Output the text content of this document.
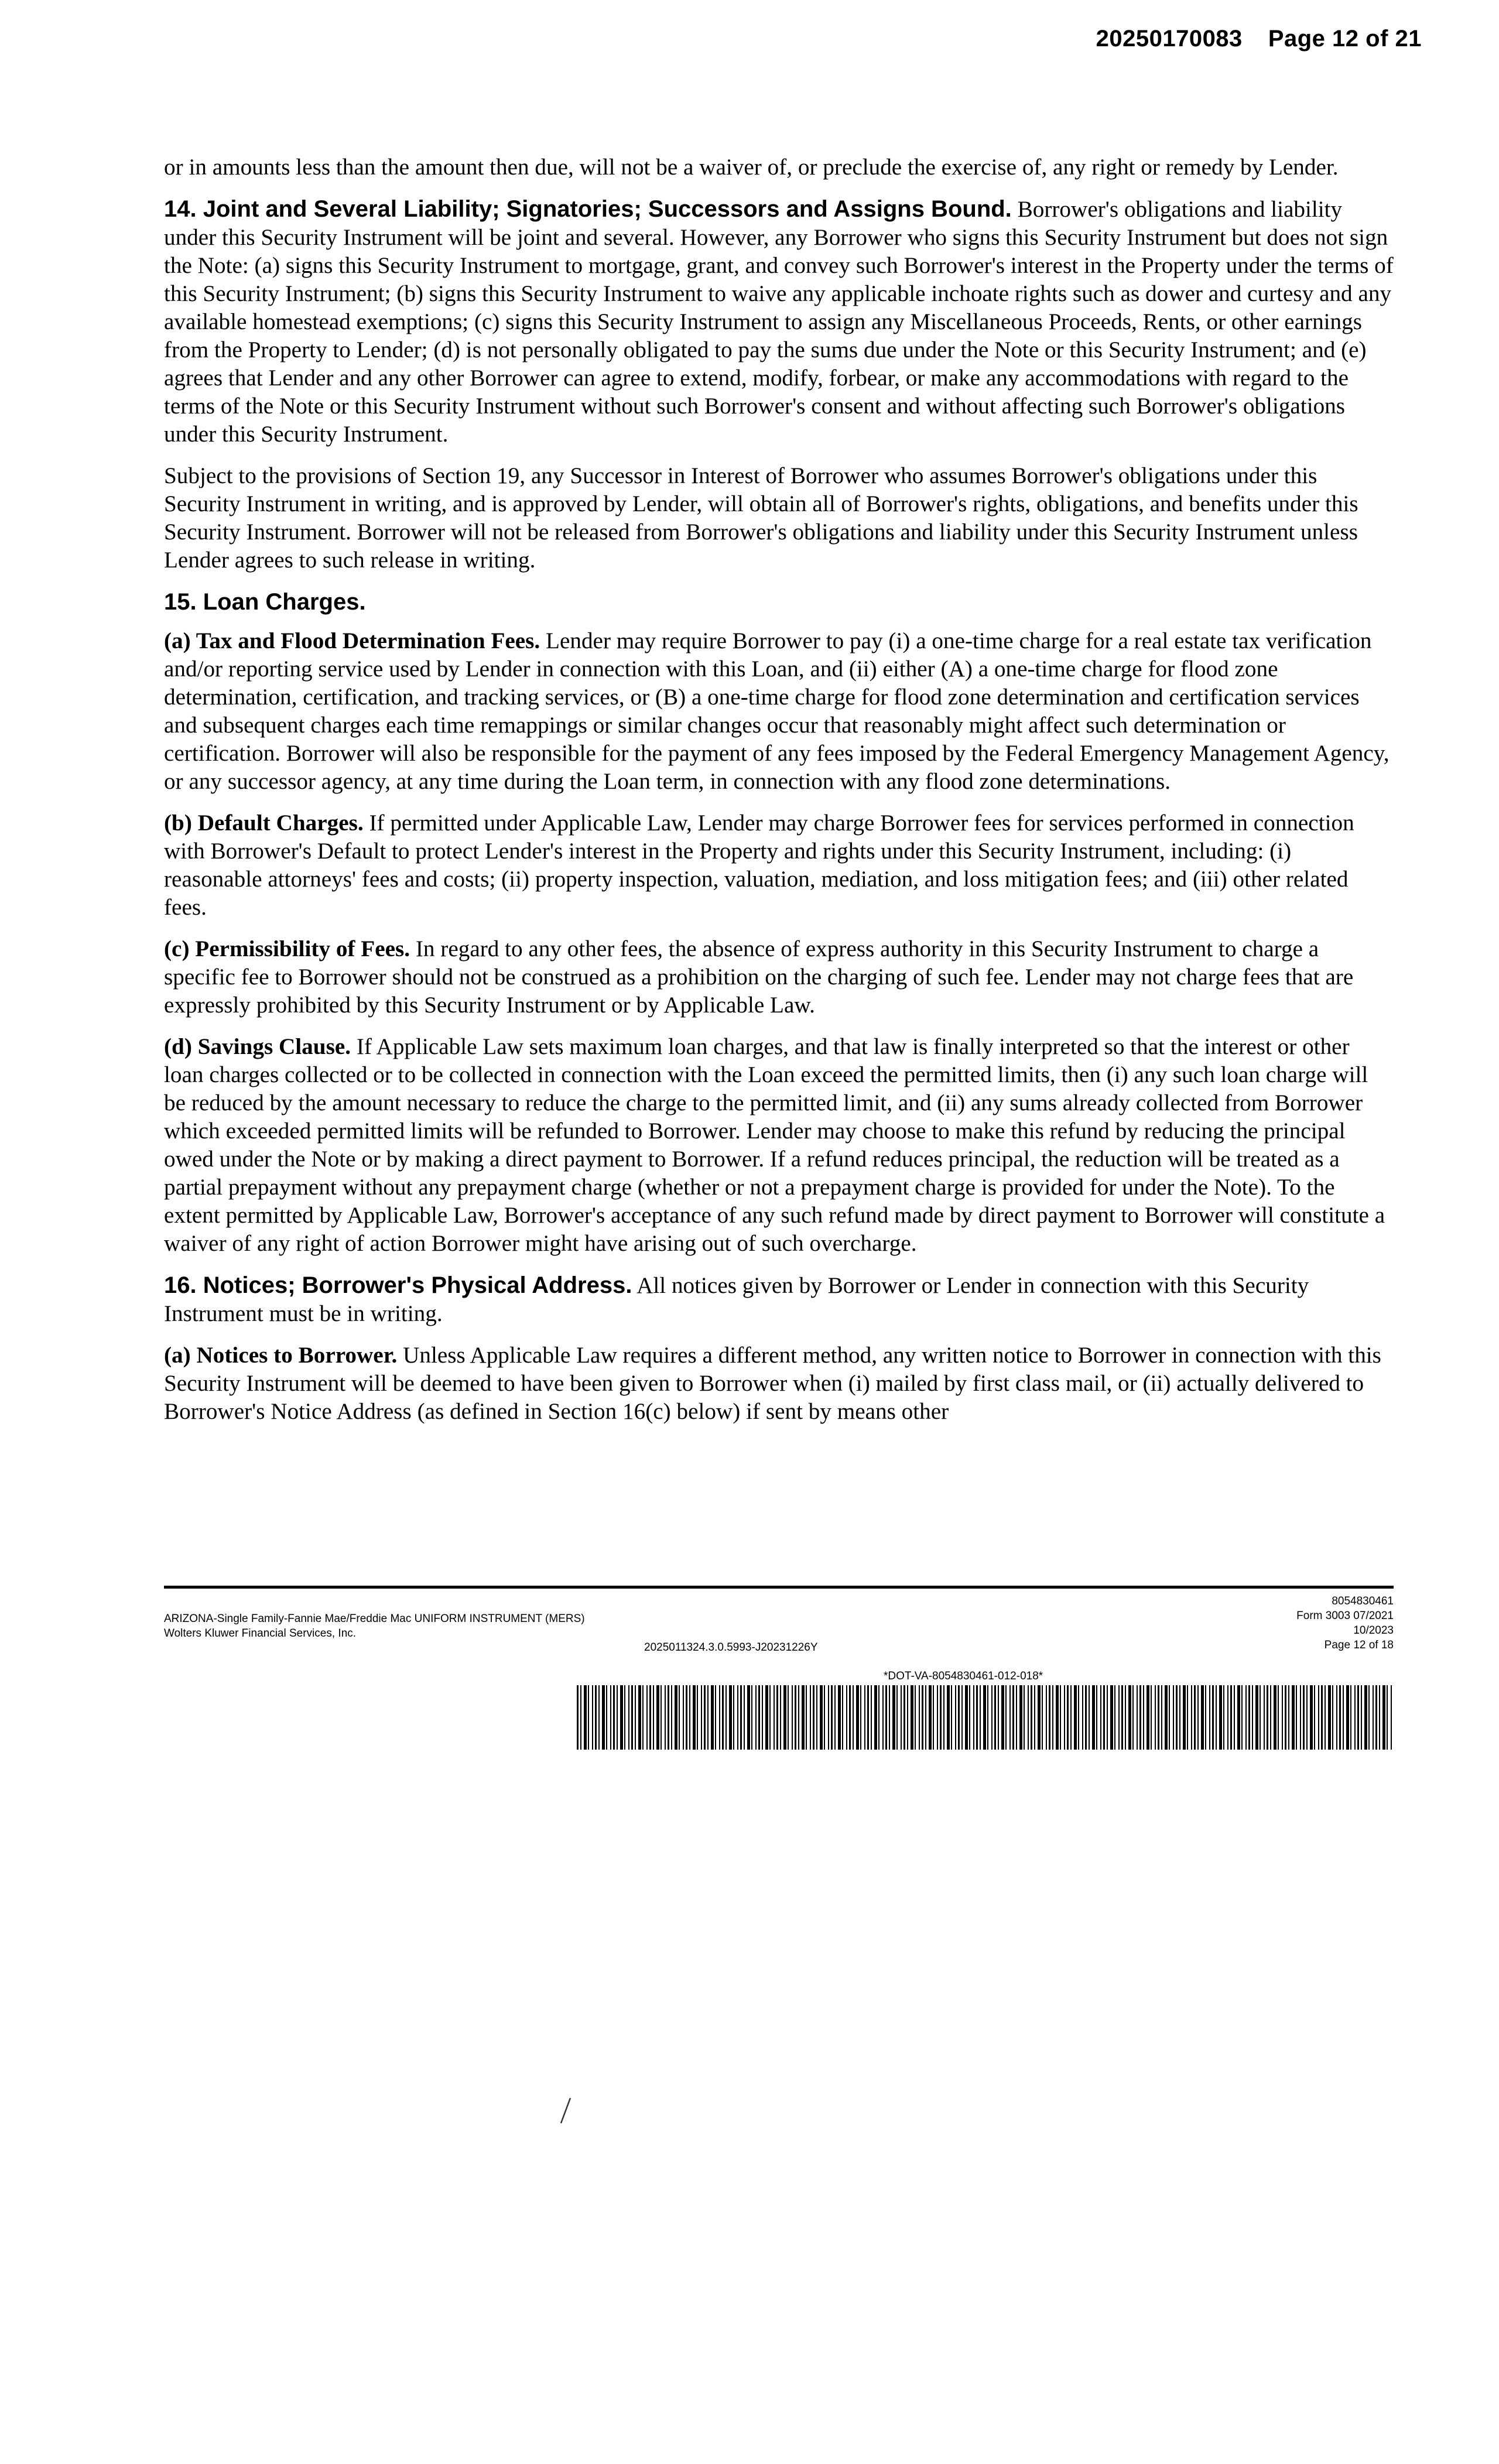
20250170083 Page 12 of 21

or in amounts less than the amount then due, will not be a waiver of, or preclude the exercise of, any right or remedy by Lender.

14. Joint and Several Liability; Signatories; Successors and Assigns Bound. Borrower's obligations and liability under this Security Instrument will be joint and several. However, any Borrower who signs this Security Instrument but does not sign the Note: (a) signs this Security Instrument to mortgage, grant, and convey such Borrower's interest in the Property under the terms of this Security Instrument; (b) signs this Security Instrument to waive any applicable inchoate rights such as dower and curtesy and any available homestead exemptions; (c) signs this Security Instrument to assign any Miscellaneous Proceeds, Rents, or other earnings from the Property to Lender; (d) is not personally obligated to pay the sums due under the Note or this Security Instrument; and (e) agrees that Lender and any other Borrower can agree to extend, modify, forbear, or make any accommodations with regard to the terms of the Note or this Security Instrument without such Borrower's consent and without affecting such Borrower's obligations under this Security Instrument.

Subject to the provisions of Section 19, any Successor in Interest of Borrower who assumes Borrower's obligations under this Security Instrument in writing, and is approved by Lender, will obtain all of Borrower's rights, obligations, and benefits under this Security Instrument. Borrower will not be released from Borrower's obligations and liability under this Security Instrument unless Lender agrees to such release in writing.

15. Loan Charges.

(a) Tax and Flood Determination Fees. Lender may require Borrower to pay (i) a one-time charge for a real estate tax verification and/or reporting service used by Lender in connection with this Loan, and (ii) either (A) a one-time charge for flood zone determination, certification, and tracking services, or (B) a one-time charge for flood zone determination and certification services and subsequent charges each time remappings or similar changes occur that reasonably might affect such determination or certification. Borrower will also be responsible for the payment of any fees imposed by the Federal Emergency Management Agency, or any successor agency, at any time during the Loan term, in connection with any flood zone determinations.

(b) Default Charges. If permitted under Applicable Law, Lender may charge Borrower fees for services performed in connection with Borrower's Default to protect Lender's interest in the Property and rights under this Security Instrument, including: (i) reasonable attorneys' fees and costs; (ii) property inspection, valuation, mediation, and loss mitigation fees; and (iii) other related fees.

(c) Permissibility of Fees. In regard to any other fees, the absence of express authority in this Security Instrument to charge a specific fee to Borrower should not be construed as a prohibition on the charging of such fee. Lender may not charge fees that are expressly prohibited by this Security Instrument or by Applicable Law.

(d) Savings Clause. If Applicable Law sets maximum loan charges, and that law is finally interpreted so that the interest or other loan charges collected or to be collected in connection with the Loan exceed the permitted limits, then (i) any such loan charge will be reduced by the amount necessary to reduce the charge to the permitted limit, and (ii) any sums already collected from Borrower which exceeded permitted limits will be refunded to Borrower. Lender may choose to make this refund by reducing the principal owed under the Note or by making a direct payment to Borrower. If a refund reduces principal, the reduction will be treated as a partial prepayment without any prepayment charge (whether or not a prepayment charge is provided for under the Note). To the extent permitted by Applicable Law, Borrower's acceptance of any such refund made by direct payment to Borrower will constitute a waiver of any right of action Borrower might have arising out of such overcharge.

16. Notices; Borrower's Physical Address. All notices given by Borrower or Lender in connection with this Security Instrument must be in writing.

(a) Notices to Borrower. Unless Applicable Law requires a different method, any written notice to Borrower in connection with this Security Instrument will be deemed to have been given to Borrower when (i) mailed by first class mail, or (ii) actually delivered to Borrower's Notice Address (as defined in Section 16(c) below) if sent by means other

ARIZONA-Single Family-Fannie Mae/Freddie Mac UNIFORM INSTRUMENT (MERS)
Wolters Kluwer Financial Services, Inc.
2025011324.3.0.5993-J20231226Y
8054830461
Form 3003 07/2021
10/2023
Page 12 of 18
*DOT-VA-8054830461-012-018*
